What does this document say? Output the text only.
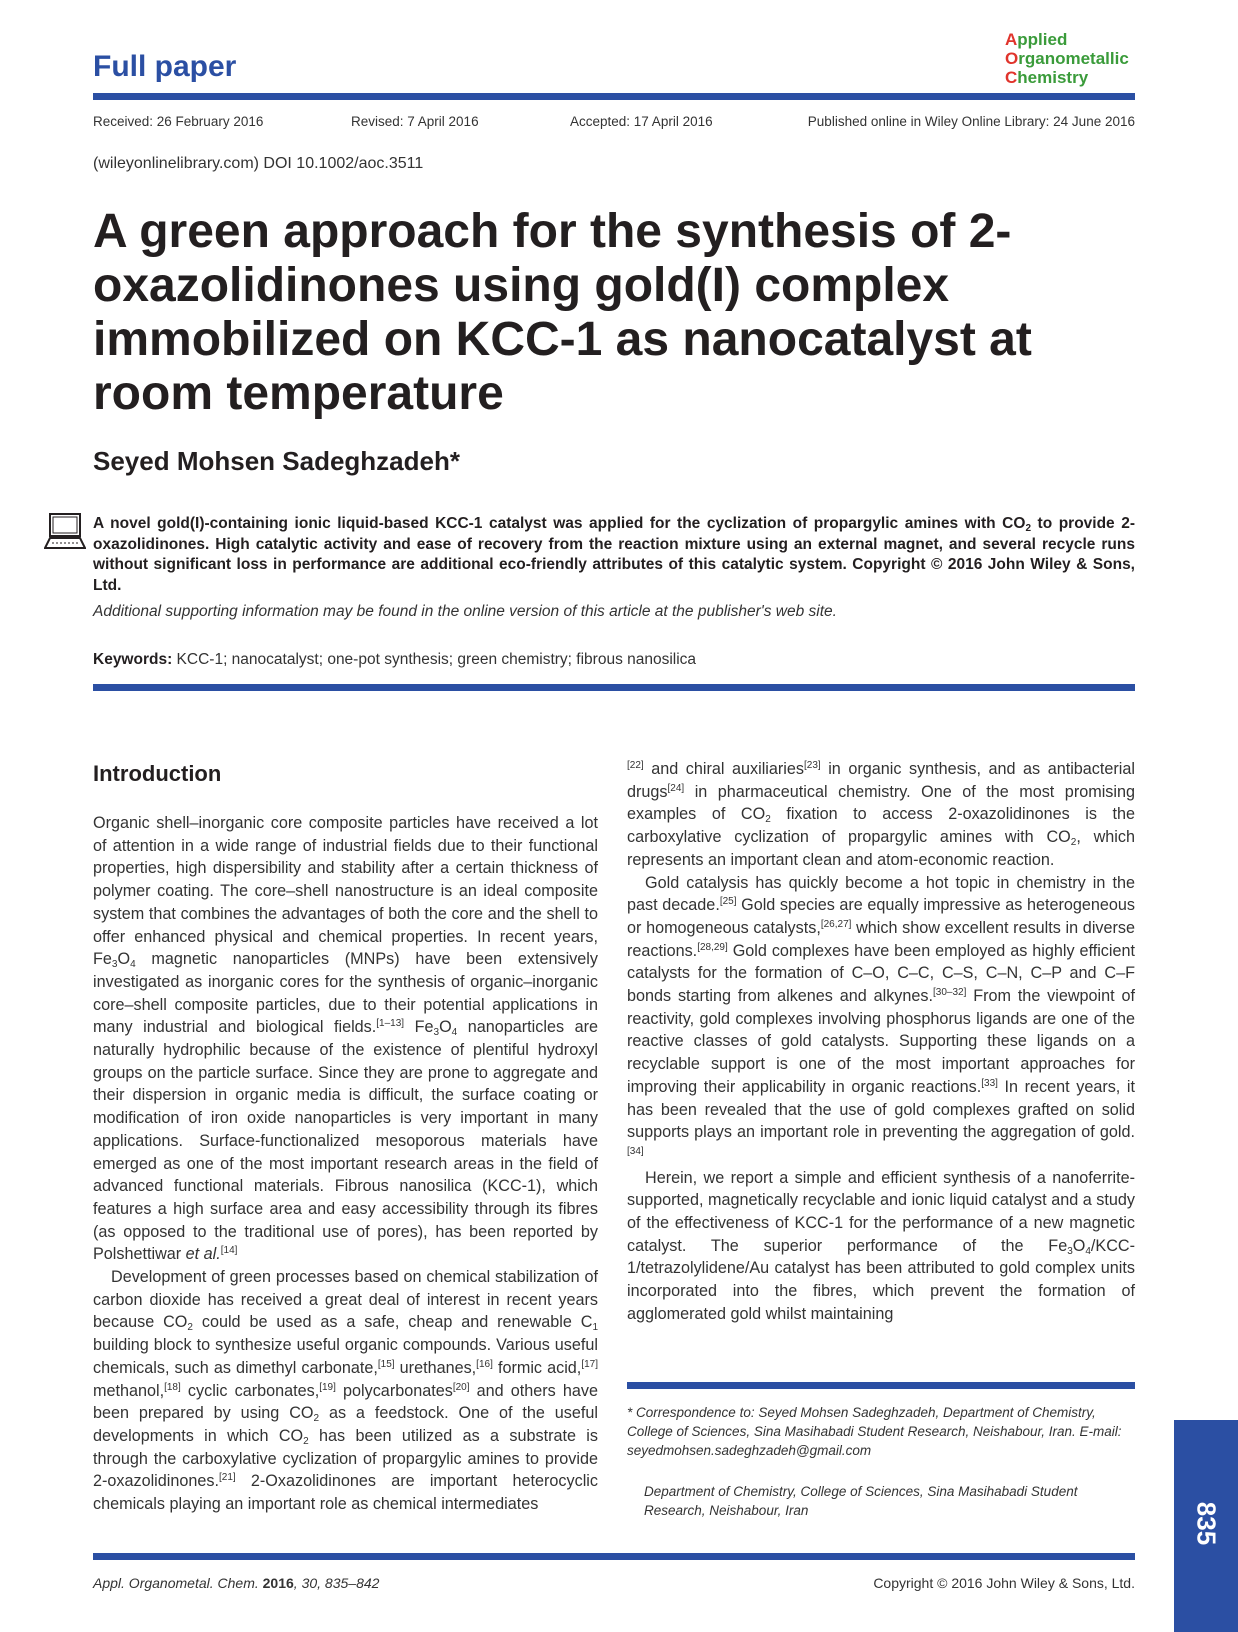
Full paper
Applied
Organometallic
Chemistry
Received: 26 February 2016	Revised: 7 April 2016	Accepted: 17 April 2016	Published online in Wiley Online Library: 24 June 2016
(wileyonlinelibrary.com) DOI 10.1002/aoc.3511
A green approach for the synthesis of 2-oxazolidinones using gold(I) complex immobilized on KCC-1 as nanocatalyst at room temperature
Seyed Mohsen Sadeghzadeh*
A novel gold(I)-containing ionic liquid-based KCC-1 catalyst was applied for the cyclization of propargylic amines with $CO_2$ to provide 2-oxazolidinones. High catalytic activity and ease of recovery from the reaction mixture using an external magnet, and several recycle runs without significant loss in performance are additional eco-friendly attributes of this catalytic system. Copyright © 2016 John Wiley & Sons, Ltd.
Additional supporting information may be found in the online version of this article at the publisher's web site.
Keywords: KCC-1; nanocatalyst; one-pot synthesis; green chemistry; fibrous nanosilica
Introduction

Organic shell–inorganic core composite particles have received a lot of attention in a wide range of industrial fields due to their functional properties, high dispersibility and stability after a certain thickness of polymer coating. The core–shell nanostructure is an ideal composite system that combines the advantages of both the core and the shell to offer enhanced physical and chemical properties. In recent years, $Fe_3O_4$ magnetic nanoparticles (MNPs) have been extensively investigated as inorganic cores for the synthesis of organic–inorganic core–shell composite particles, due to their potential applications in many industrial and biological fields.[1–13] $Fe_3O_4$ nanoparticles are naturally hydrophilic because of the existence of plentiful hydroxyl groups on the particle surface. Since they are prone to aggregate and their dispersion in organic media is difficult, the surface coating or modification of iron oxide nanoparticles is very important in many applications. Surface-functionalized mesoporous materials have emerged as one of the most important research areas in the field of advanced functional materials. Fibrous nanosilica (KCC-1), which features a high surface area and easy accessibility through its fibres (as opposed to the traditional use of pores), has been reported by Polshettiwar et al.[14]

Development of green processes based on chemical stabilization of carbon dioxide has received a great deal of interest in recent years because $CO_2$ could be used as a safe, cheap and renewable $C_1$ building block to synthesize useful organic compounds. Various useful chemicals, such as dimethyl carbonate,[15] urethanes,[16] formic acid,[17] methanol,[18] cyclic carbonates,[19] polycarbonates[20] and others have been prepared by using $CO_2$ as a feedstock. One of the useful developments in which $CO_2$ has been utilized as a substrate is through the carboxylative cyclization of propargylic amines to provide 2-oxazolidinones.[21] 2-Oxazolidinones are important heterocyclic chemicals playing an important role as chemical intermediates

[22] and chiral auxiliaries[23] in organic synthesis, and as antibacterial drugs[24] in pharmaceutical chemistry. One of the most promising examples of $CO_2$ fixation to access 2-oxazolidinones is the carboxylative cyclization of propargylic amines with $CO_2$, which represents an important clean and atom-economic reaction.

Gold catalysis has quickly become a hot topic in chemistry in the past decade.[25] Gold species are equally impressive as heterogeneous or homogeneous catalysts,[26,27] which show excellent results in diverse reactions.[28,29] Gold complexes have been employed as highly efficient catalysts for the formation of C–O, C–C, C–S, C–N, C–P and C–F bonds starting from alkenes and alkynes.[30–32] From the viewpoint of reactivity, gold complexes involving phosphorus ligands are one of the reactive classes of gold catalysts. Supporting these ligands on a recyclable support is one of the most important approaches for improving their applicability in organic reactions.[33] In recent years, it has been revealed that the use of gold complexes grafted on solid supports plays an important role in preventing the aggregation of gold.[34]

Herein, we report a simple and efficient synthesis of a nanoferrite-supported, magnetically recyclable and ionic liquid catalyst and a study of the effectiveness of KCC-1 for the performance of a new magnetic catalyst. The superior performance of the $Fe_3O_4/KCC-1/tetrazolylidene/Au$ catalyst has been attributed to gold complex units incorporated into the fibres, which prevent the formation of agglomerated gold whilst maintaining

* Correspondence to: Seyed Mohsen Sadeghzadeh, Department of Chemistry, College of Sciences, Sina Masihabadi Student Research, Neishabour, Iran. E-mail: seyedmohsen.sadeghzadeh@gmail.com
Department of Chemistry, College of Sciences, Sina Masihabadi Student Research, Neishabour, Iran	835
Appl. Organometal. Chem. 2016, 30, 835–842	Copyright © 2016 John Wiley & Sons, Ltd.
